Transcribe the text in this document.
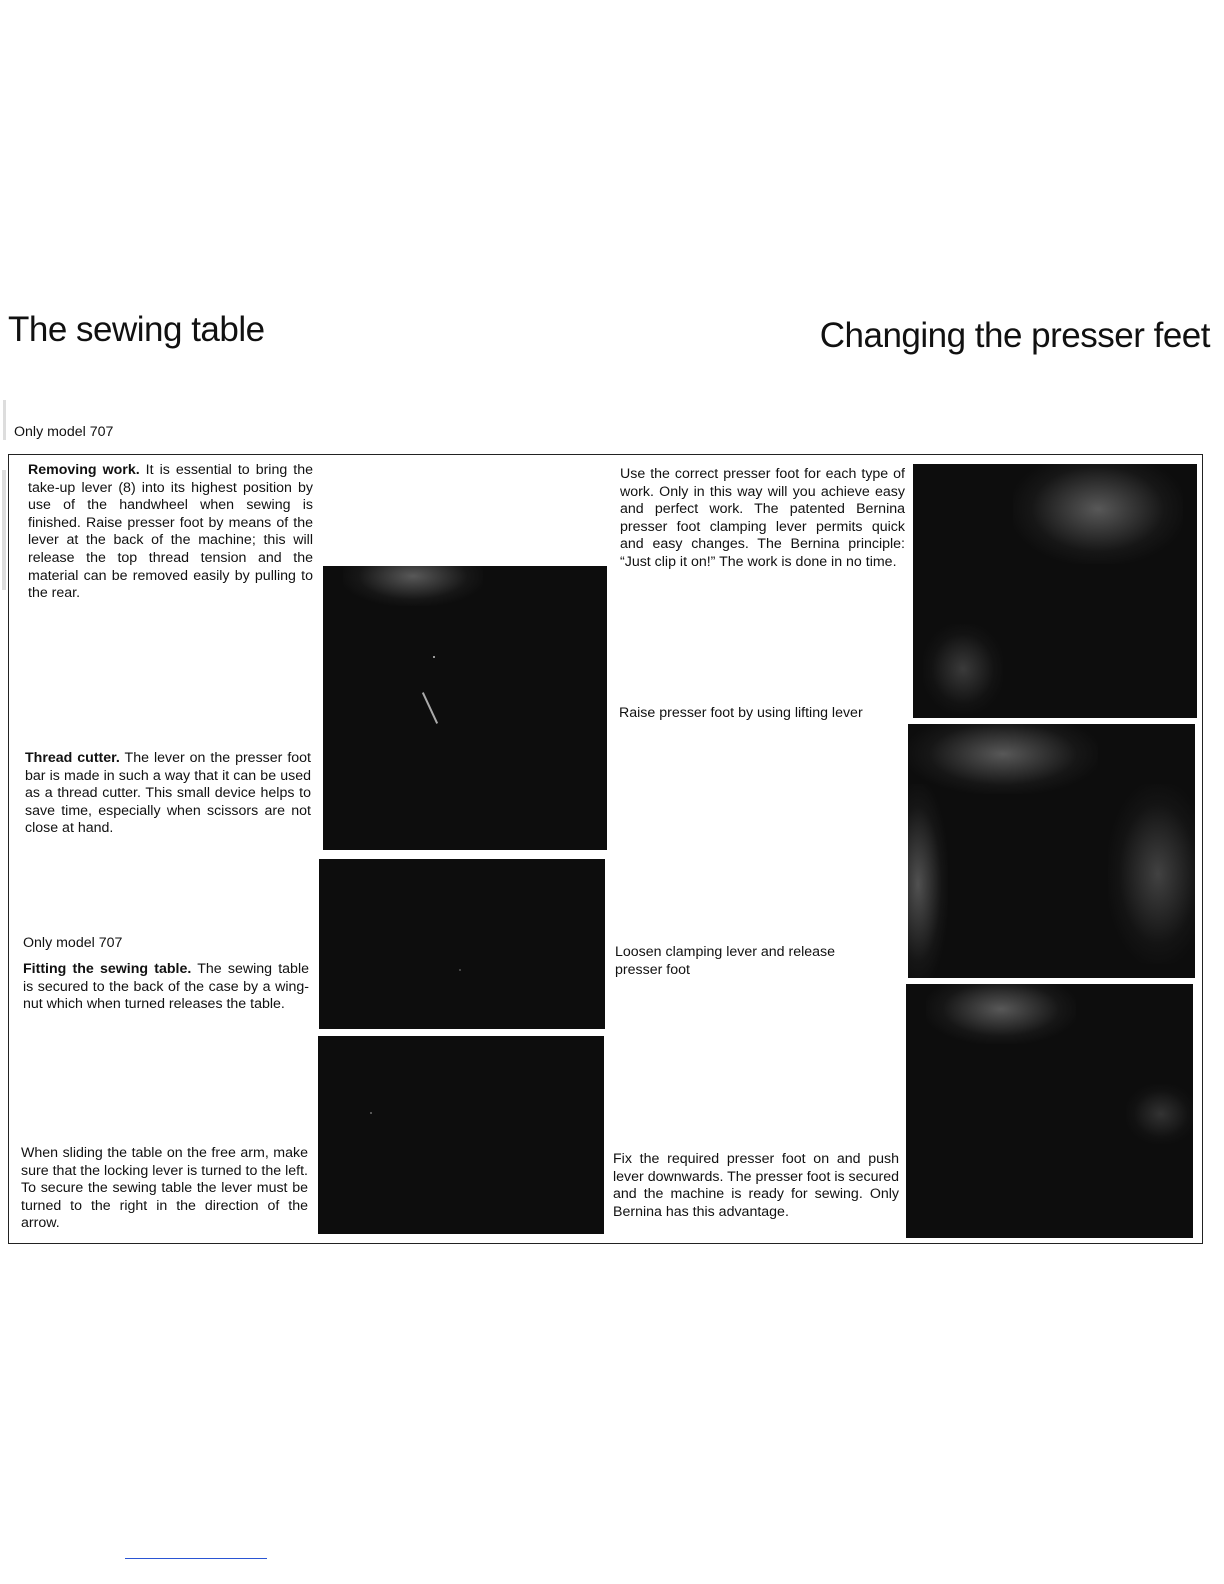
The sewing table	Changing the presser feet
Only model 707
Removing work. It is essential to bring the take-up lever (8) into its highest position by use of the handwheel when sewing is finished. Raise presser foot by means of the lever at the back of the machine; this will release the top thread tension and the material can be removed easily by pulling to the rear.
Thread cutter. The lever on the presser foot bar is made in such a way that it can be used as a thread cutter. This small device helps to save time, especially when scissors are not close at hand.
Only model 707
Fitting the sewing table. The sewing table is secured to the back of the case by a wing-nut which when turned releases the table.
When sliding the table on the free arm, make sure that the locking lever is turned to the left. To secure the sewing table the lever must be turned to the right in the direction of the arrow.
Use the correct presser foot for each type of work. Only in this way will you achieve easy and perfect work. The patented Bernina presser foot clamping lever permits quick and easy changes. The Bernina principle: “Just clip it on!” The work is done in no time.
Raise presser foot by using lifting lever
Loosen clamping lever and release presser foot
Fix the required presser foot on and push lever downwards. The presser foot is secured and the machine is ready for sewing. Only Bernina has this advantage.
